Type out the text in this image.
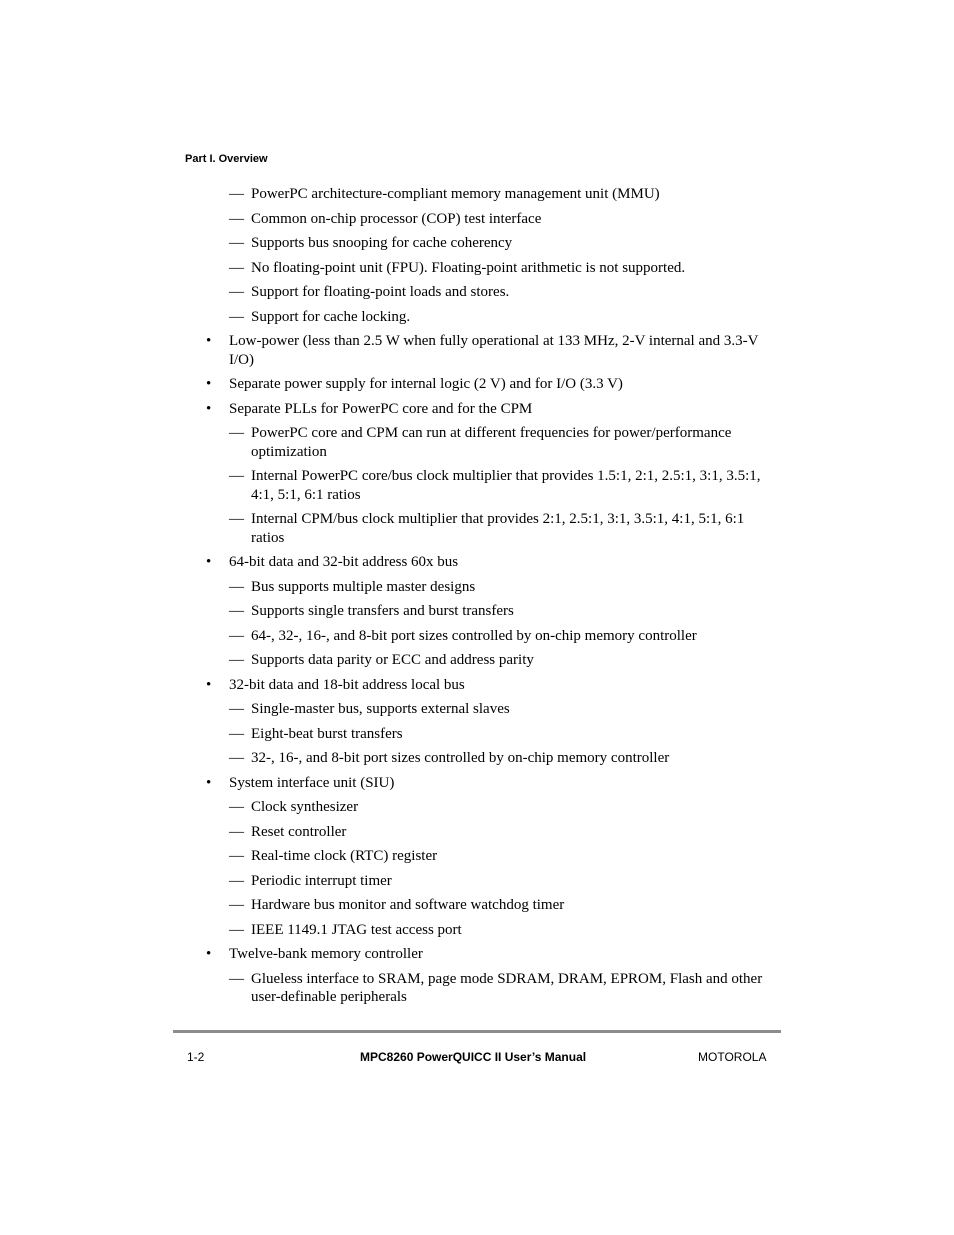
Part I. Overview
— PowerPC architecture-compliant memory management unit (MMU)
— Common on-chip processor (COP) test interface
— Supports bus snooping for cache coherency
— No floating-point unit (FPU). Floating-point arithmetic is not supported.
— Support for floating-point loads and stores.
— Support for cache locking.
• Low-power (less than 2.5 W when fully operational at 133 MHz, 2-V internal and 3.3-V I/O)
• Separate power supply for internal logic (2 V) and for I/O (3.3 V)
• Separate PLLs for PowerPC core and for the CPM
— PowerPC core and CPM can run at different frequencies for power/performance optimization
— Internal PowerPC core/bus clock multiplier that provides 1.5:1, 2:1, 2.5:1, 3:1, 3.5:1, 4:1, 5:1, 6:1 ratios
— Internal CPM/bus clock multiplier that provides 2:1, 2.5:1, 3:1, 3.5:1, 4:1, 5:1, 6:1 ratios
• 64-bit data and 32-bit address 60x bus
— Bus supports multiple master designs
— Supports single transfers and burst transfers
— 64-, 32-, 16-, and 8-bit port sizes controlled by on-chip memory controller
— Supports data parity or ECC and address parity
• 32-bit data and 18-bit address local bus
— Single-master bus, supports external slaves
— Eight-beat burst transfers
— 32-, 16-, and 8-bit port sizes controlled by on-chip memory controller
• System interface unit (SIU)
— Clock synthesizer
— Reset controller
— Real-time clock (RTC) register
— Periodic interrupt timer
— Hardware bus monitor and software watchdog timer
— IEEE 1149.1 JTAG test access port
• Twelve-bank memory controller
— Glueless interface to SRAM, page mode SDRAM, DRAM, EPROM, Flash and other user-definable peripherals
1-2	MPC8260 PowerQUICC II User’s Manual	MOTOROLA
